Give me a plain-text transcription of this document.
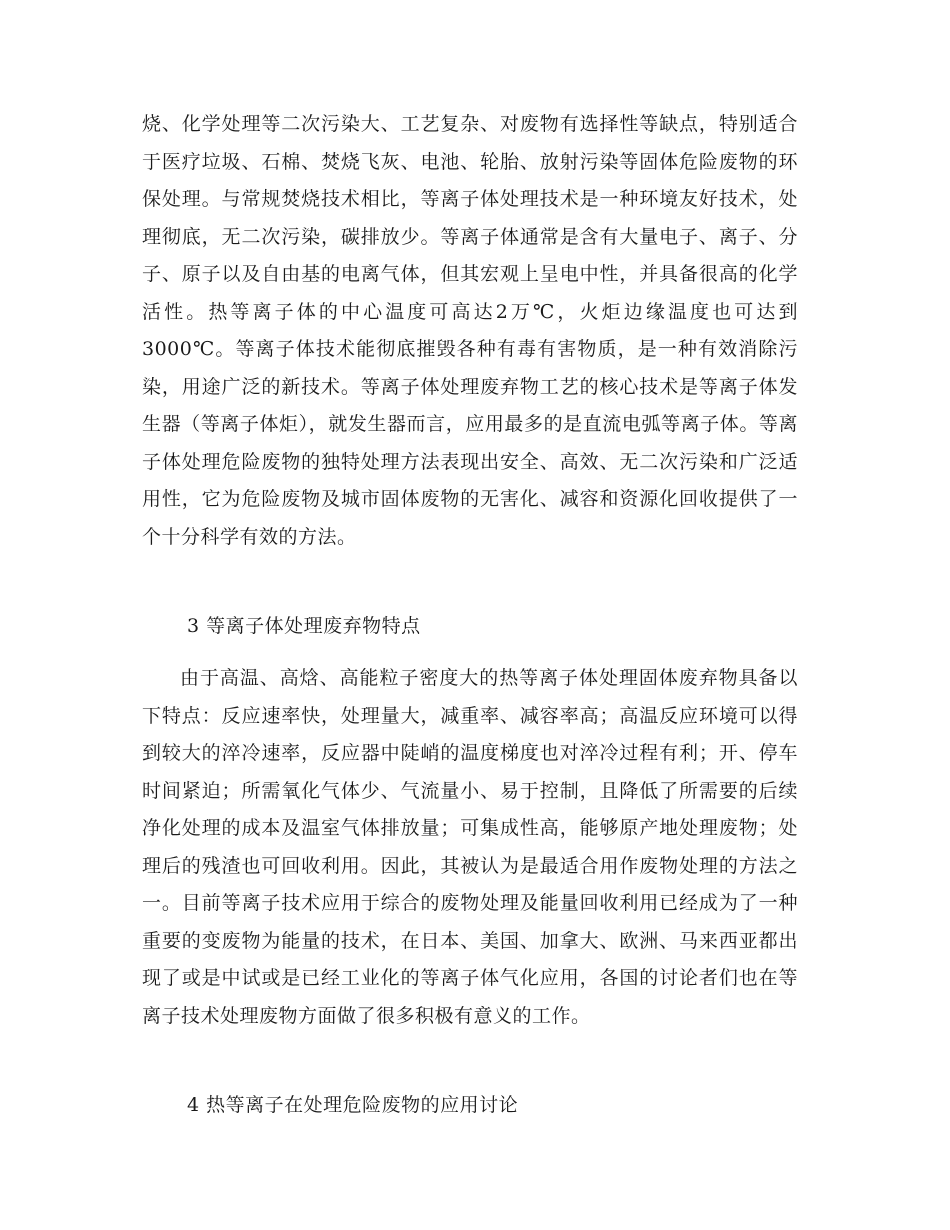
烧、化学处理等二次污染大、工艺复杂、对废物有选择性等缺点，特别适合于医疗垃圾、石棉、焚烧飞灰、电池、轮胎、放射污染等固体危险废物的环保处理。与常规焚烧技术相比，等离子体处理技术是一种环境友好技术，处理彻底，无二次污染，碳排放少。等离子体通常是含有大量电子、离子、分子、原子以及自由基的电离气体，但其宏观上呈电中性，并具备很高的化学活性。热等离子体的中心温度可高达2万℃，火炬边缘温度也可达到3000℃。等离子体技术能彻底摧毁各种有毒有害物质，是一种有效消除污染，用途广泛的新技术。等离子体处理废弃物工艺的核心技术是等离子体发生器（等离子体炬），就发生器而言，应用最多的是直流电弧等离子体。等离子体处理危险废物的独特处理方法表现出安全、高效、无二次污染和广泛适用性，它为危险废物及城市固体废物的无害化、减容和资源化回收提供了一个十分科学有效的方法。

3 等离子体处理废弃物特点

由于高温、高焓、高能粒子密度大的热等离子体处理固体废弃物具备以下特点：反应速率快，处理量大，减重率、减容率高；高温反应环境可以得到较大的淬冷速率，反应器中陡峭的温度梯度也对淬冷过程有利；开、停车时间紧迫；所需氧化气体少、气流量小、易于控制，且降低了所需要的后续净化处理的成本及温室气体排放量；可集成性高，能够原产地处理废物；处理后的残渣也可回收利用。因此，其被认为是最适合用作废物处理的方法之一。目前等离子技术应用于综合的废物处理及能量回收利用已经成为了一种重要的变废物为能量的技术，在日本、美国、加拿大、欧洲、马来西亚都出现了或是中试或是已经工业化的等离子体气化应用，各国的讨论者们也在等离子技术处理废物方面做了很多积极有意义的工作。

4 热等离子在处理危险废物的应用讨论
